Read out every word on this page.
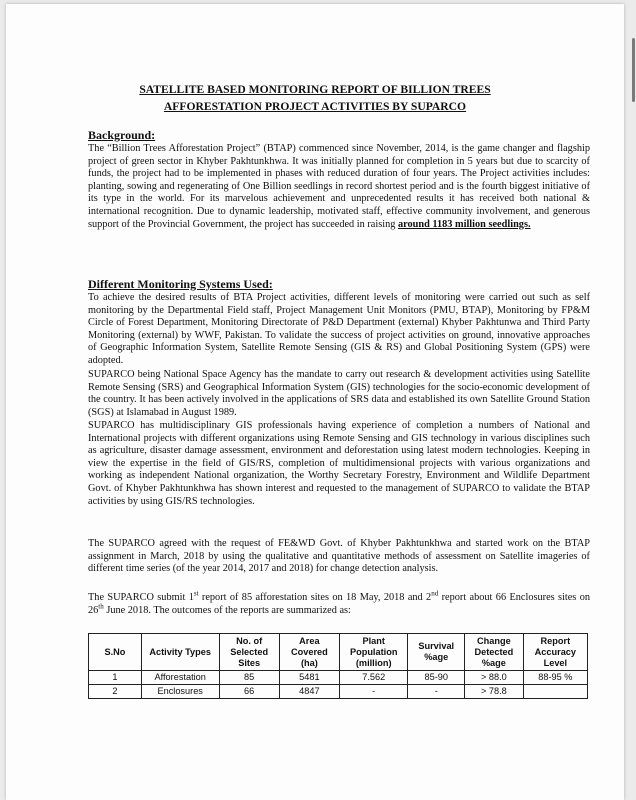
SATELLITE BASED MONITORING REPORT OF BILLION TREES
AFFORESTATION PROJECT ACTIVITIES BY SUPARCO
Background:

The “Billion Trees Afforestation Project” (BTAP) commenced since November, 2014, is the game changer and flagship project of green sector in Khyber Pakhtunkhwa. It was initially planned for completion in 5 years but due to scarcity of funds, the project had to be implemented in phases with reduced duration of four years. The Project activities includes: planting, sowing and regenerating of One Billion seedlings in record shortest period and is the fourth biggest initiative of its type in the world. For its marvelous achievement and unprecedented results it has received both national & international recognition. Due to dynamic leadership, motivated staff, effective community involvement, and generous support of the Provincial Government, the project has succeeded in raising around 1183 million seedlings.

Different Monitoring Systems Used:

To achieve the desired results of BTA Project activities, different levels of monitoring were carried out such as self monitoring by the Departmental Field staff, Project Management Unit Monitors (PMU, BTAP), Monitoring by FP&M Circle of Forest Department, Monitoring Directorate of P&D Department (external) Khyber Pakhtunwa and Third Party Monitoring (external) by WWF, Pakistan. To validate the success of project activities on ground, innovative approaches of Geographic Information System, Satellite Remote Sensing (GIS & RS) and Global Positioning System (GPS) were adopted.

SUPARCO being National Space Agency has the mandate to carry out research & development activities using Satellite Remote Sensing (SRS) and Geographical Information System (GIS) technologies for the socio-economic development of the country. It has been actively involved in the applications of SRS data and established its own Satellite Ground Station (SGS) at Islamabad in August 1989.

SUPARCO has multidisciplinary GIS professionals having experience of completion a numbers of National and International projects with different organizations using Remote Sensing and GIS technology in various disciplines such as agriculture, disaster damage assessment, environment and deforestation using latest modern technologies. Keeping in view the expertise in the field of GIS/RS, completion of multidimensional projects with various organizations and working as independent National organization, the Worthy Secretary Forestry, Environment and Wildlife Department Govt. of Khyber Pakhtunkhwa has shown interest and requested to the management of SUPARCO to validate the BTAP activities by using GIS/RS technologies.

The SUPARCO agreed with the request of FE&WD Govt. of Khyber Pakhtunkhwa and started work on the BTAP assignment in March, 2018 by using the qualitative and quantitative methods of assessment on Satellite imageries of different time series (of the year 2014, 2017 and 2018) for change detection analysis.

The SUPARCO submit 1st report of 85 afforestation sites on 18 May, 2018 and 2nd report about 66 Enclosures sites on 26th June 2018. The outcomes of the reports are summarized as:

S.No	Activity Types	No. of Selected Sites	Area Covered (ha)	Plant Population (million)	Survival %age	Change Detected %age	Report Accuracy Level
1	Afforestation	85	5481	7.562	85-90	> 88.0	88-95 %
2	Enclosures	66	4847	-	-	> 78.8	
